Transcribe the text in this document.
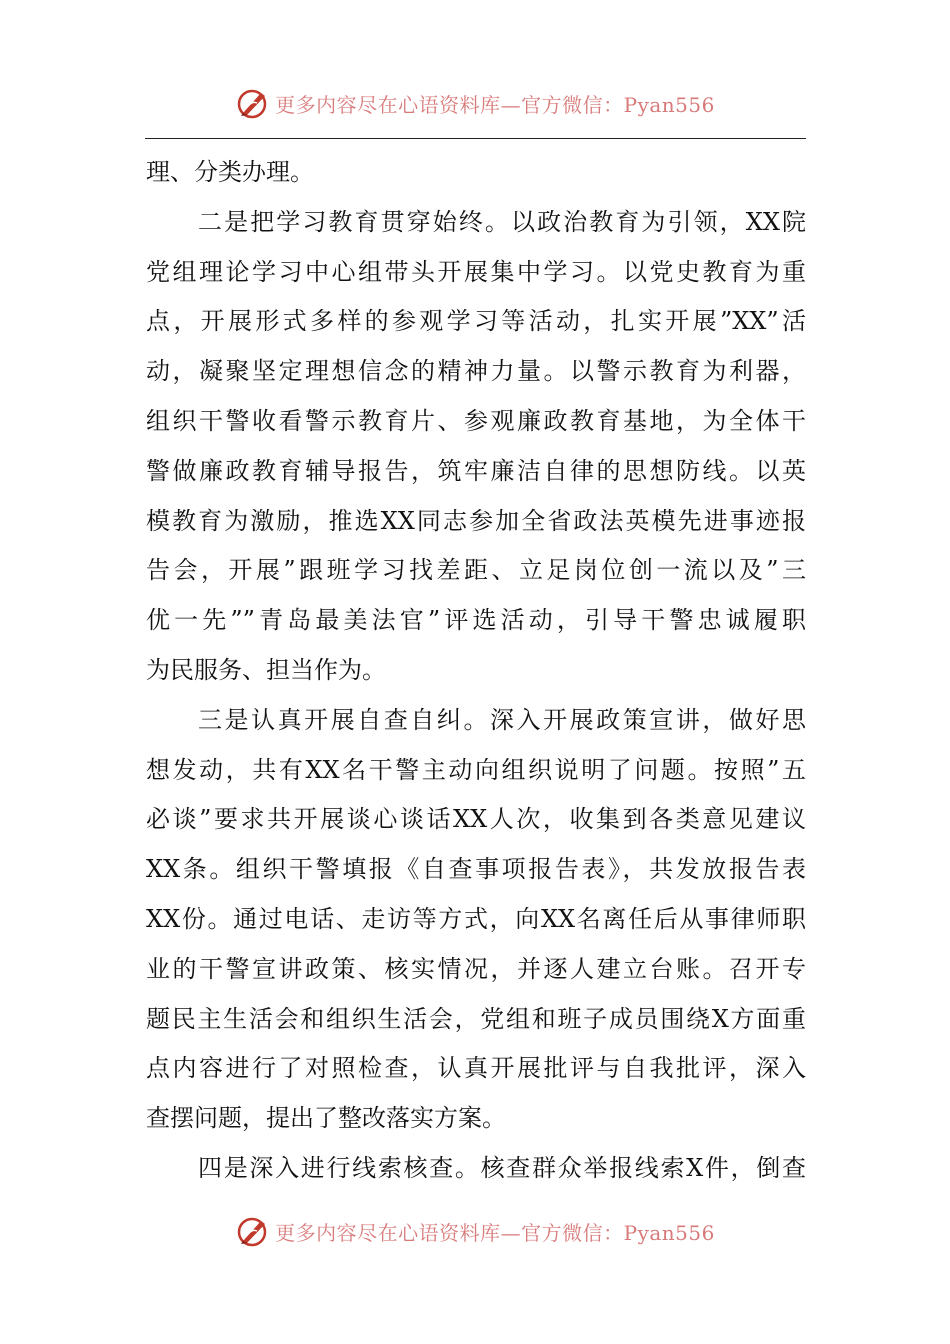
更多内容尽在心语资料库—官方微信：Pyan556
理、分类办理。
二是把学习教育贯穿始终。以政治教育为引领，XX院
党组理论学习中心组带头开展集中学习。以党史教育为重
点，开展形式多样的参观学习等活动，扎实开展”XX”活
动，凝聚坚定理想信念的精神力量。以警示教育为利器，
组织干警收看警示教育片、参观廉政教育基地，为全体干
警做廉政教育辅导报告，筑牢廉洁自律的思想防线。以英
模教育为激励，推选XX同志参加全省政法英模先进事迹报
告会，开展”跟班学习找差距、立足岗位创一流以及”三
优一先””青岛最美法官”评选活动，引导干警忠诚履职
为民服务、担当作为。
三是认真开展自查自纠。深入开展政策宣讲，做好思
想发动，共有XX名干警主动向组织说明了问题。按照”五
必谈”要求共开展谈心谈话XX人次，收集到各类意见建议
XX条。组织干警填报《自查事项报告表》，共发放报告表
XX份。通过电话、走访等方式，向XX名离任后从事律师职
业的干警宣讲政策、核实情况，并逐人建立台账。召开专
题民主生活会和组织生活会，党组和班子成员围绕X方面重
点内容进行了对照检查，认真开展批评与自我批评，深入
查摆问题，提出了整改落实方案。
四是深入进行线索核查。核查群众举报线索X件，倒查
更多内容尽在心语资料库—官方微信：Pyan556
